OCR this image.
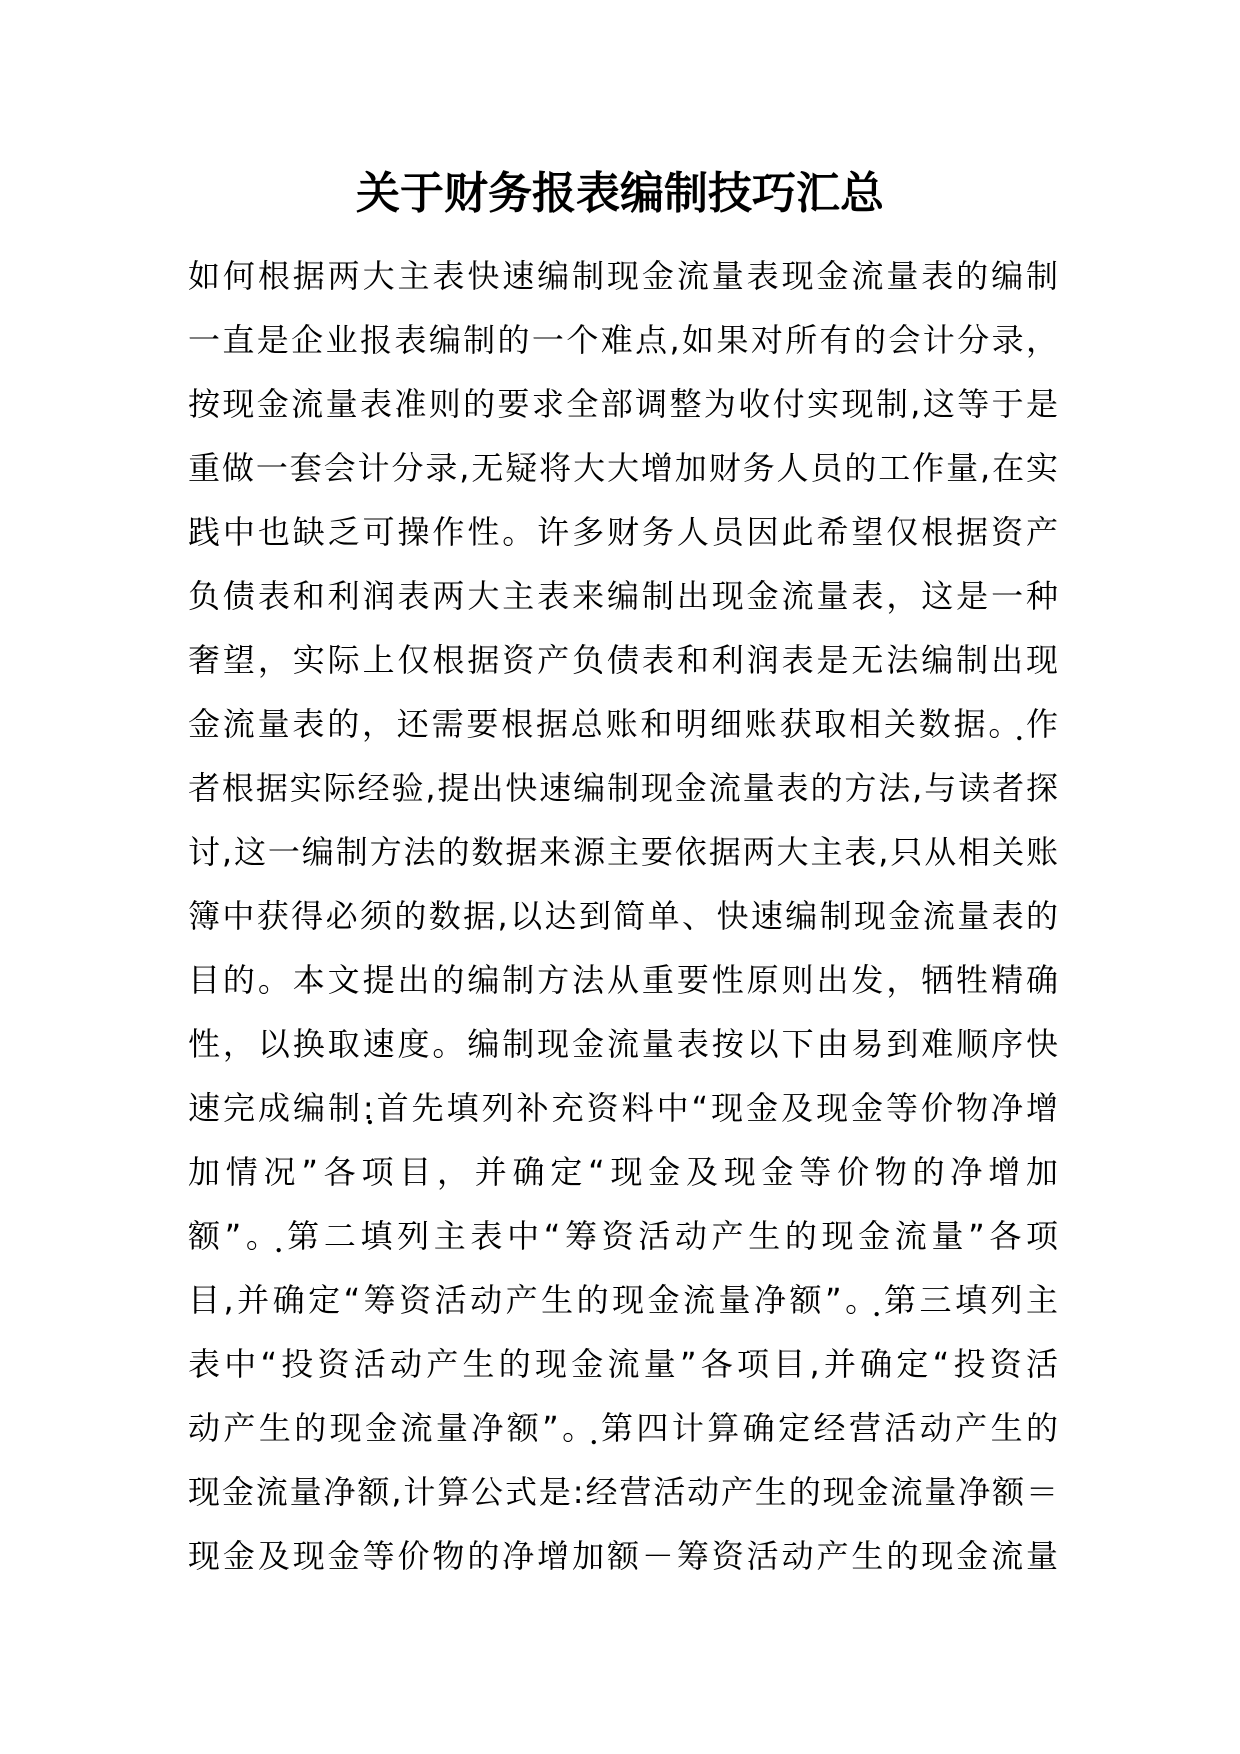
关于财务报表编制技巧汇总
如何根据两大主表快速编制现金流量表现金流量表的编制
一直是企业报表编制的一个难点,如果对所有的会计分录，
按现金流量表准则的要求全部调整为收付实现制,这等于是
重做一套会计分录,无疑将大大增加财务人员的工作量,在实
践中也缺乏可操作性。许多财务人员因此希望仅根据资产
负债表和利润表两大主表来编制出现金流量表，这是一种
奢望，实际上仅根据资产负债表和利润表是无法编制出现
金流量表的，还需要根据总账和明细账获取相关数据。ฺ作
者根据实际经验,提出快速编制现金流量表的方法,与读者探
讨,这一编制方法的数据来源主要依据两大主表,只从相关账
簿中获得必须的数据,以达到简单、快速编制现金流量表的
目的。本文提出的编制方法从重要性原则出发，牺牲精确
性，以换取速度。编制现金流量表按以下由易到难顺序快
速完成编制:ฺ首先填列补充资料中“现金及现金等价物净增
加情况”各项目，并确定“现金及现金等价物的净增加
额”。ฺ第二填列主表中“筹资活动产生的现金流量”各项
目,并确定“筹资活动产生的现金流量净额”。ฺ第三填列主
表中“投资活动产生的现金流量”各项目,并确定“投资活
动产生的现金流量净额”。ฺ第四计算确定经营活动产生的
现金流量净额,计算公式是:经营活动产生的现金流量净额＝
现金及现金等价物的净增加额－筹资活动产生的现金流量
